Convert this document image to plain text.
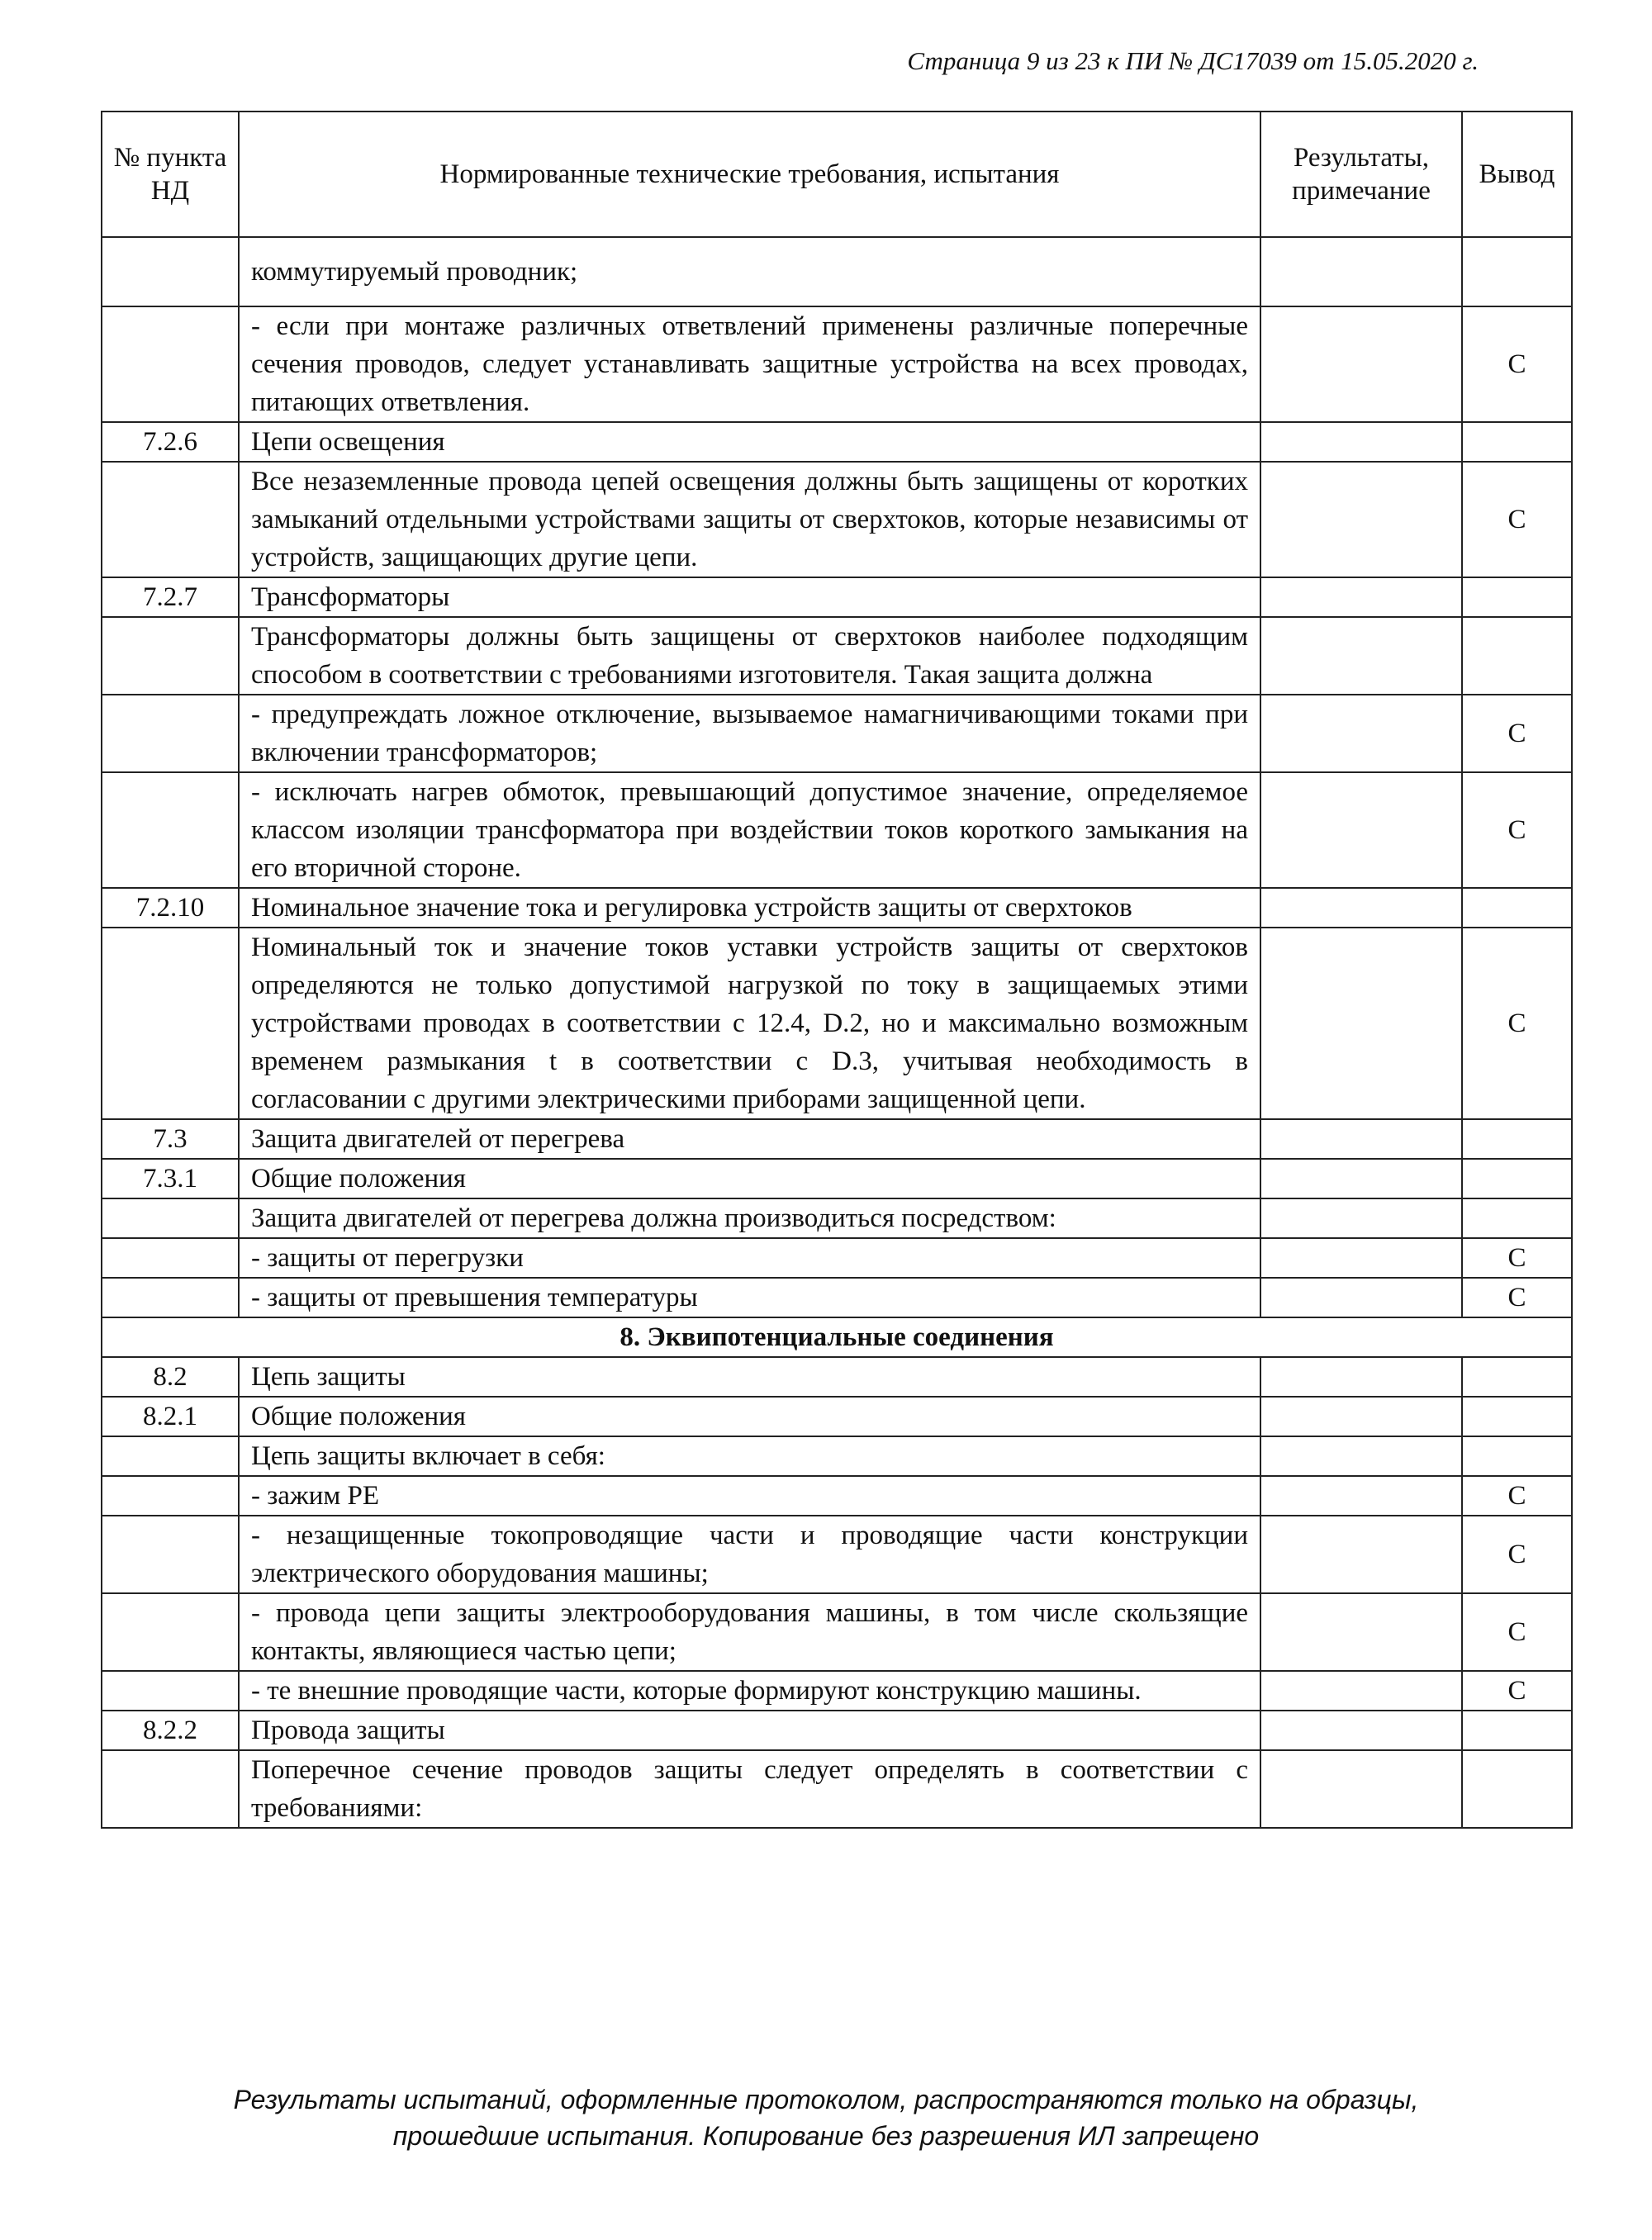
Страница 9 из 23 к ПИ № ДС17039 от 15.05.2020 г.
№ пункта НД	Нормированные технические требования, испытания	Результаты, примечание	Вывод
	коммутируемый проводник;		
	- если при монтаже различных ответвлений применены различные поперечные сечения проводов, следует устанавливать защитные устройства на всех проводах, питающих ответвления.		С
7.2.6	Цепи освещения		
	Все незаземленные провода цепей освещения должны быть защищены от коротких замыканий отдельными устройствами защиты от сверхтоков, которые независимы от устройств, защищающих другие цепи.		С
7.2.7	Трансформаторы		
	Трансформаторы должны быть защищены от сверхтоков наиболее подходящим способом в соответствии с требованиями изготовителя. Такая защита должна		
	- предупреждать ложное отключение, вызываемое намагничивающими токами при включении трансформаторов;		С
	- исключать нагрев обмоток, превышающий допустимое значение, определяемое классом изоляции трансформатора при воздействии токов короткого замыкания на его вторичной стороне.		С
7.2.10	Номинальное значение тока и регулировка устройств защиты от сверхтоков		
	Номинальный ток и значение токов уставки устройств защиты от сверхтоков определяются не только допустимой нагрузкой по току в защищаемых этими устройствами проводах в соответствии с 12.4, D.2, но и максимально возможным временем размыкания t в соответствии с D.3, учитывая необходимость в согласовании с другими электрическими приборами защищенной цепи.		С
7.3	Защита двигателей от перегрева		
7.3.1	Общие положения		
	Защита двигателей от перегрева должна производиться посредством:		
	- защиты от перегрузки		С
	- защиты от превышения температуры		С
8. Эквипотенциальные соединения			
8.2	Цепь защиты		
8.2.1	Общие положения		
	Цепь защиты включает в себя:		
	- зажим PE		С
	- незащищенные токопроводящие части и проводящие части конструкции электрического оборудования машины;		С
	- провода цепи защиты электрооборудования машины, в том числе скользящие контакты, являющиеся частью цепи;		С
	- те внешние проводящие части, которые формируют конструкцию машины.		С
8.2.2	Провода защиты		
	Поперечное сечение проводов защиты следует определять в соответствии с требованиями:		
Результаты испытаний, оформленные протоколом, распространяются только на образцы,
прошедшие испытания. Копирование без разрешения ИЛ запрещено
